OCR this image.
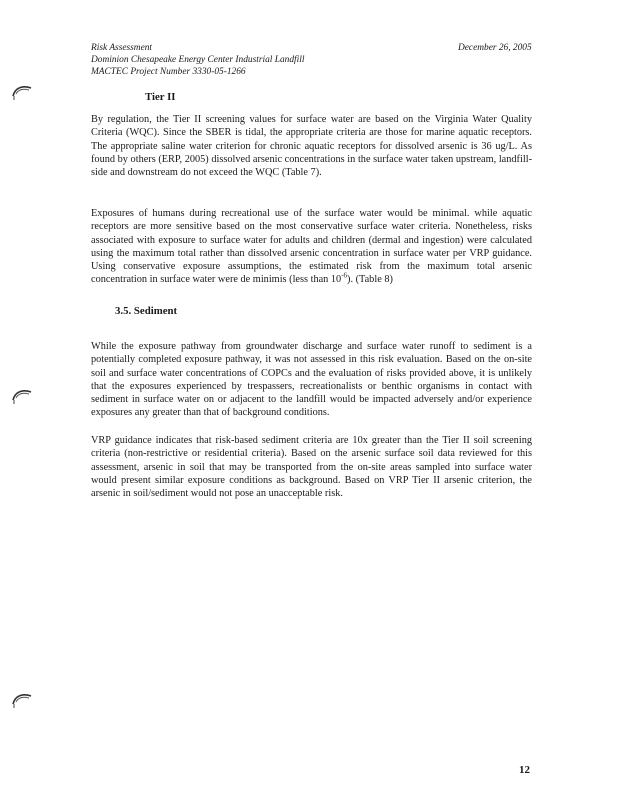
Risk Assessment
Dominion Chesapeake Energy Center Industrial Landfill
MACTEC Project Number 3330-05-1266
December 26, 2005
Tier II

By regulation, the Tier II screening values for surface water are based on the Virginia Water Quality Criteria (WQC). Since the SBER is tidal, the appropriate criteria are those for marine aquatic receptors. The appropriate saline water criterion for chronic aquatic receptors for dissolved arsenic is 36 ug/L. As found by others (ERP, 2005) dissolved arsenic concentrations in the surface water taken upstream, landfill-side and downstream do not exceed the WQC (Table 7).

Exposures of humans during recreational use of the surface water would be minimal. while aquatic receptors are more sensitive based on the most conservative surface water criteria. Nonetheless, risks associated with exposure to surface water for adults and children (dermal and ingestion) were calculated using the maximum total rather than dissolved arsenic concentration in surface water per VRP guidance. Using conservative exposure assumptions, the estimated risk from the maximum total arsenic concentration in surface water were de minimis (less than $10^{-6}$). (Table 8)

3.5. Sediment

While the exposure pathway from groundwater discharge and surface water runoff to sediment is a potentially completed exposure pathway, it was not assessed in this risk evaluation. Based on the on-site soil and surface water concentrations of COPCs and the evaluation of risks provided above, it is unlikely that the exposures experienced by trespassers, recreationalists or benthic organisms in contact with sediment in surface water on or adjacent to the landfill would be impacted adversely and/or experience exposures any greater than that of background conditions.

VRP guidance indicates that risk-based sediment criteria are 10x greater than the Tier II soil screening criteria (non-restrictive or residential criteria). Based on the arsenic surface soil data reviewed for this assessment, arsenic in soil that may be transported from the on-site areas sampled into surface water would present similar exposure conditions as background. Based on VRP Tier II arsenic criterion, the arsenic in soil/sediment would not pose an unacceptable risk.

12
